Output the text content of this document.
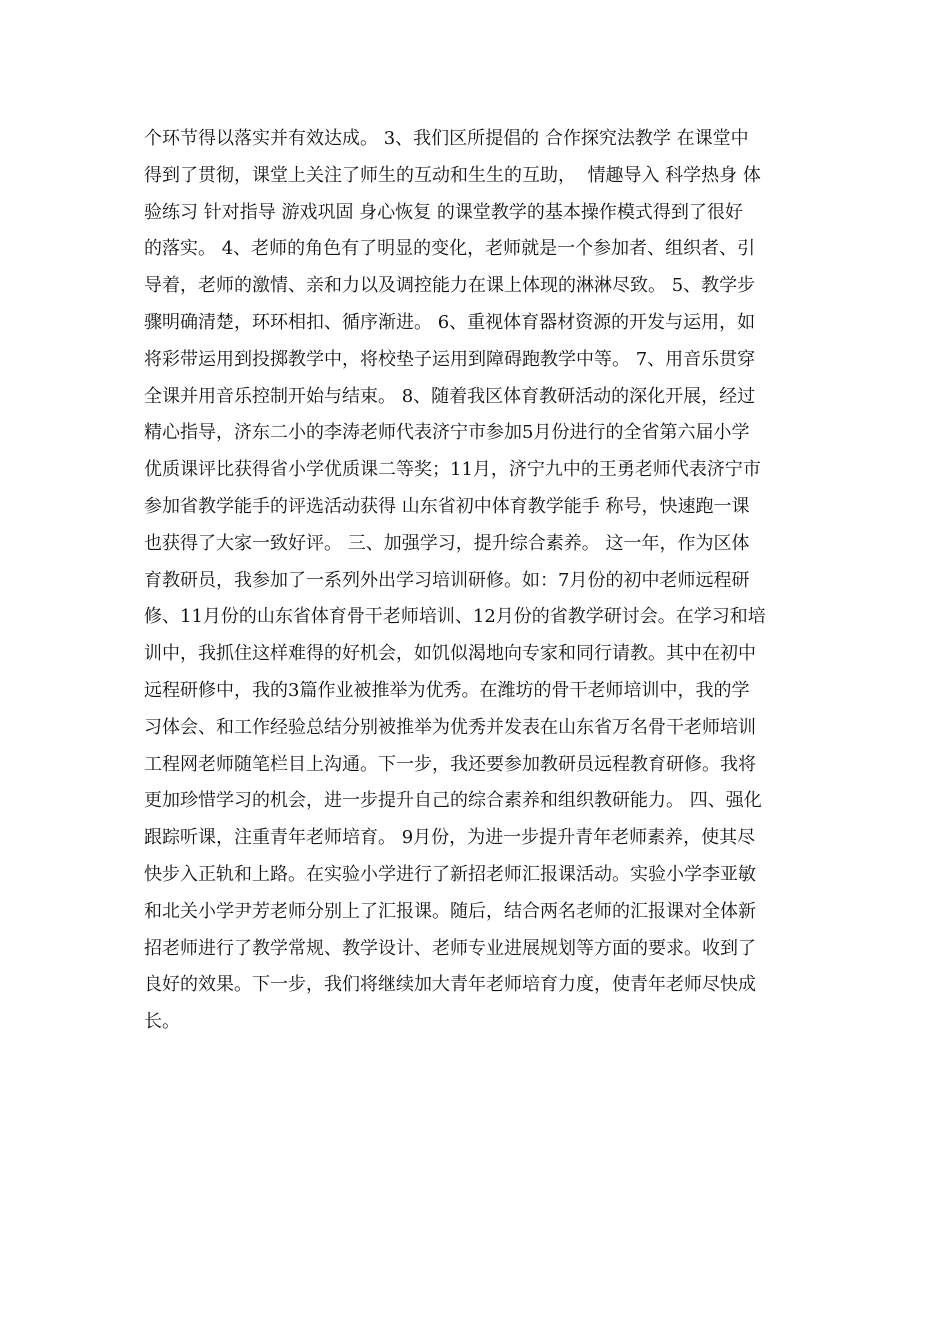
个环节得以落实并有效达成。 3、我们区所提倡的 合作探究法教学 在课堂中
得到了贯彻，课堂上关注了师生的互动和生生的互助，  情趣导入 科学热身 体
验练习 针对指导 游戏巩固 身心恢复 的课堂教学的基本操作模式得到了很好
的落实。 4、老师的角色有了明显的变化，老师就是一个参加者、组织者、引
导着，老师的激情、亲和力以及调控能力在课上体现的淋淋尽致。 5、教学步
骤明确清楚，环环相扣、循序渐进。 6、重视体育器材资源的开发与运用，如
将彩带运用到投掷教学中，将校垫子运用到障碍跑教学中等。 7、用音乐贯穿
全课并用音乐控制开始与结束。 8、随着我区体育教研活动的深化开展，经过
精心指导，济东二小的李涛老师代表济宁市参加5月份进行的全省第六届小学
优质课评比获得省小学优质课二等奖；11月，济宁九中的王勇老师代表济宁市
参加省教学能手的评选活动获得 山东省初中体育教学能手 称号，快速跑一课
也获得了大家一致好评。 三、加强学习，提升综合素养。 这一年，作为区体
育教研员，我参加了一系列外出学习培训研修。如：7月份的初中老师远程研
修、11月份的山东省体育骨干老师培训、12月份的省教学研讨会。在学习和培
训中，我抓住这样难得的好机会，如饥似渴地向专家和同行请教。其中在初中
远程研修中，我的3篇作业被推举为优秀。在潍坊的骨干老师培训中，我的学
习体会、和工作经验总结分别被推举为优秀并发表在山东省万名骨干老师培训
工程网老师随笔栏目上沟通。下一步，我还要参加教研员远程教育研修。我将
更加珍惜学习的机会，进一步提升自己的综合素养和组织教研能力。 四、强化
跟踪听课，注重青年老师培育。 9月份，为进一步提升青年老师素养，使其尽
快步入正轨和上路。在实验小学进行了新招老师汇报课活动。实验小学李亚敏
和北关小学尹芳老师分别上了汇报课。随后，结合两名老师的汇报课对全体新
招老师进行了教学常规、教学设计、老师专业进展规划等方面的要求。收到了
良好的效果。下一步，我们将继续加大青年老师培育力度，使青年老师尽快成
长。
